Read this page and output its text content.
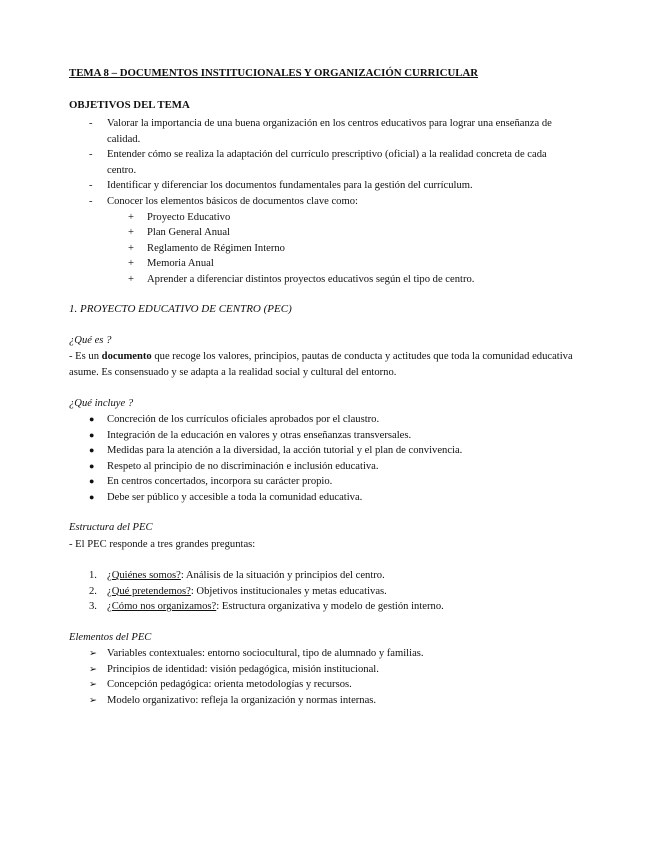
TEMA 8 – DOCUMENTOS INSTITUCIONALES Y ORGANIZACIÓN CURRICULAR
OBJETIVOS DEL TEMA
- Valorar la importancia de una buena organización en los centros educativos para lograr una enseñanza de calidad.
- Entender cómo se realiza la adaptación del currículo prescriptivo (oficial) a la realidad concreta de cada centro.
- Identificar y diferenciar los documentos fundamentales para la gestión del currículum.
- Conocer los elementos básicos de documentos clave como:
+ Proyecto Educativo
+ Plan General Anual
+ Reglamento de Régimen Interno
+ Memoria Anual
+ Aprender a diferenciar distintos proyectos educativos según el tipo de centro.
1. PROYECTO EDUCATIVO DE CENTRO (PEC)
¿Qué es ?
- Es un documento que recoge los valores, principios, pautas de conducta y actitudes que toda la comunidad educativa asume. Es consensuado y se adapta a la realidad social y cultural del entorno.
¿Qué incluye ?
● Concreción de los currículos oficiales aprobados por el claustro.
● Integración de la educación en valores y otras enseñanzas transversales.
● Medidas para la atención a la diversidad, la acción tutorial y el plan de convivencia.
● Respeto al principio de no discriminación e inclusión educativa.
● En centros concertados, incorpora su carácter propio.
● Debe ser público y accesible a toda la comunidad educativa.
Estructura del PEC
- El PEC responde a tres grandes preguntas:
1. ¿Quiénes somos?: Análisis de la situación y principios del centro.
2. ¿Qué pretendemos?: Objetivos institucionales y metas educativas.
3. ¿Cómo nos organizamos?: Estructura organizativa y modelo de gestión interno.
Elementos del PEC
➢ Variables contextuales: entorno sociocultural, tipo de alumnado y familias.
➢ Principios de identidad: visión pedagógica, misión institucional.
➢ Concepción pedagógica: orienta metodologías y recursos.
➢ Modelo organizativo: refleja la organización y normas internas.
